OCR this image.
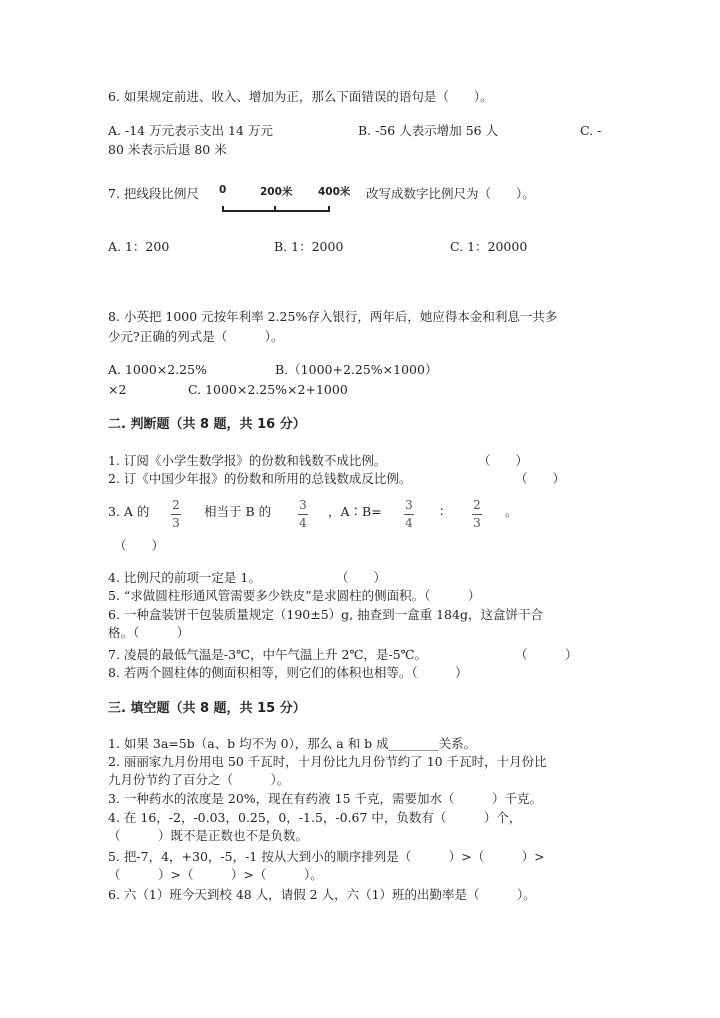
6. 如果规定前进、收入、增加为正，那么下面错误的语句是（　　）。
A. -14 万元表示支出 14 万元	B. -56 人表示增加 56 人	C. -
80 米表示后退 80 米
7. 把线段比例尺 0	200米 400米 改写成数字比例尺为（　　）。
A. 1：200	B. 1：2000	C. 1：20000
8. 小英把 1000 元按年利率 2.25%存入银行，两年后，她应得本金和利息一共多
少元?正确的列式是（　　　）。
A. 1000×2.25%	B.（1000+2.25%×1000）
×2	C. 1000×2.25%×2+1000
二. 判断题（共 8 题，共 16 分）
1. 订阅《小学生数学报》的份数和钱数不成比例。	（　　）
2. 订《中国少年报》的份数和所用的总钱数成反比例。	（　　）
3. A 的 2
3
相当于 B 的 3
4
，A∶B= 3
4
∶ 2
3
。
（　　）
4. 比例尺的前项一定是 1。	（　　）
5. “求做圆柱形通风管需要多少铁皮”是求圆柱的侧面积。（　　　）
6. 一种盒装饼干包装质量规定（190±5）g, 抽查到一盒重 184g，这盒饼干合
格。（　　　）
7. 凌晨的最低气温是-3℃，中午气温上升 2℃，是-5℃。	（　　　）
8. 若两个圆柱体的侧面积相等，则它们的体积也相等。（　　　）
三. 填空题（共 8 题，共 15 分）
1. 如果 3a=5b（a、b 均不为 0），那么 a 和 b 成________关系。
2. 丽丽家九月份用电 50 千瓦时，十月份比九月份节约了 10 千瓦时，十月份比
九月份节约了百分之（　　　）。
3. 一种药水的浓度是 20%，现在有药液 15 千克，需要加水（　　　）千克。
4. 在 16，-2，-0.03，0.25，0，-1.5，-0.67 中，负数有（　　　）个，
（　　　）既不是正数也不是负数。
5. 把-7，4，+30，-5，-1 按从大到小的顺序排列是（　　　）>（　　　）>
（　　　）>（　　　）>（　　　）。
6. 六（1）班今天到校 48 人，请假 2 人，六（1）班的出勤率是（　　　）。
